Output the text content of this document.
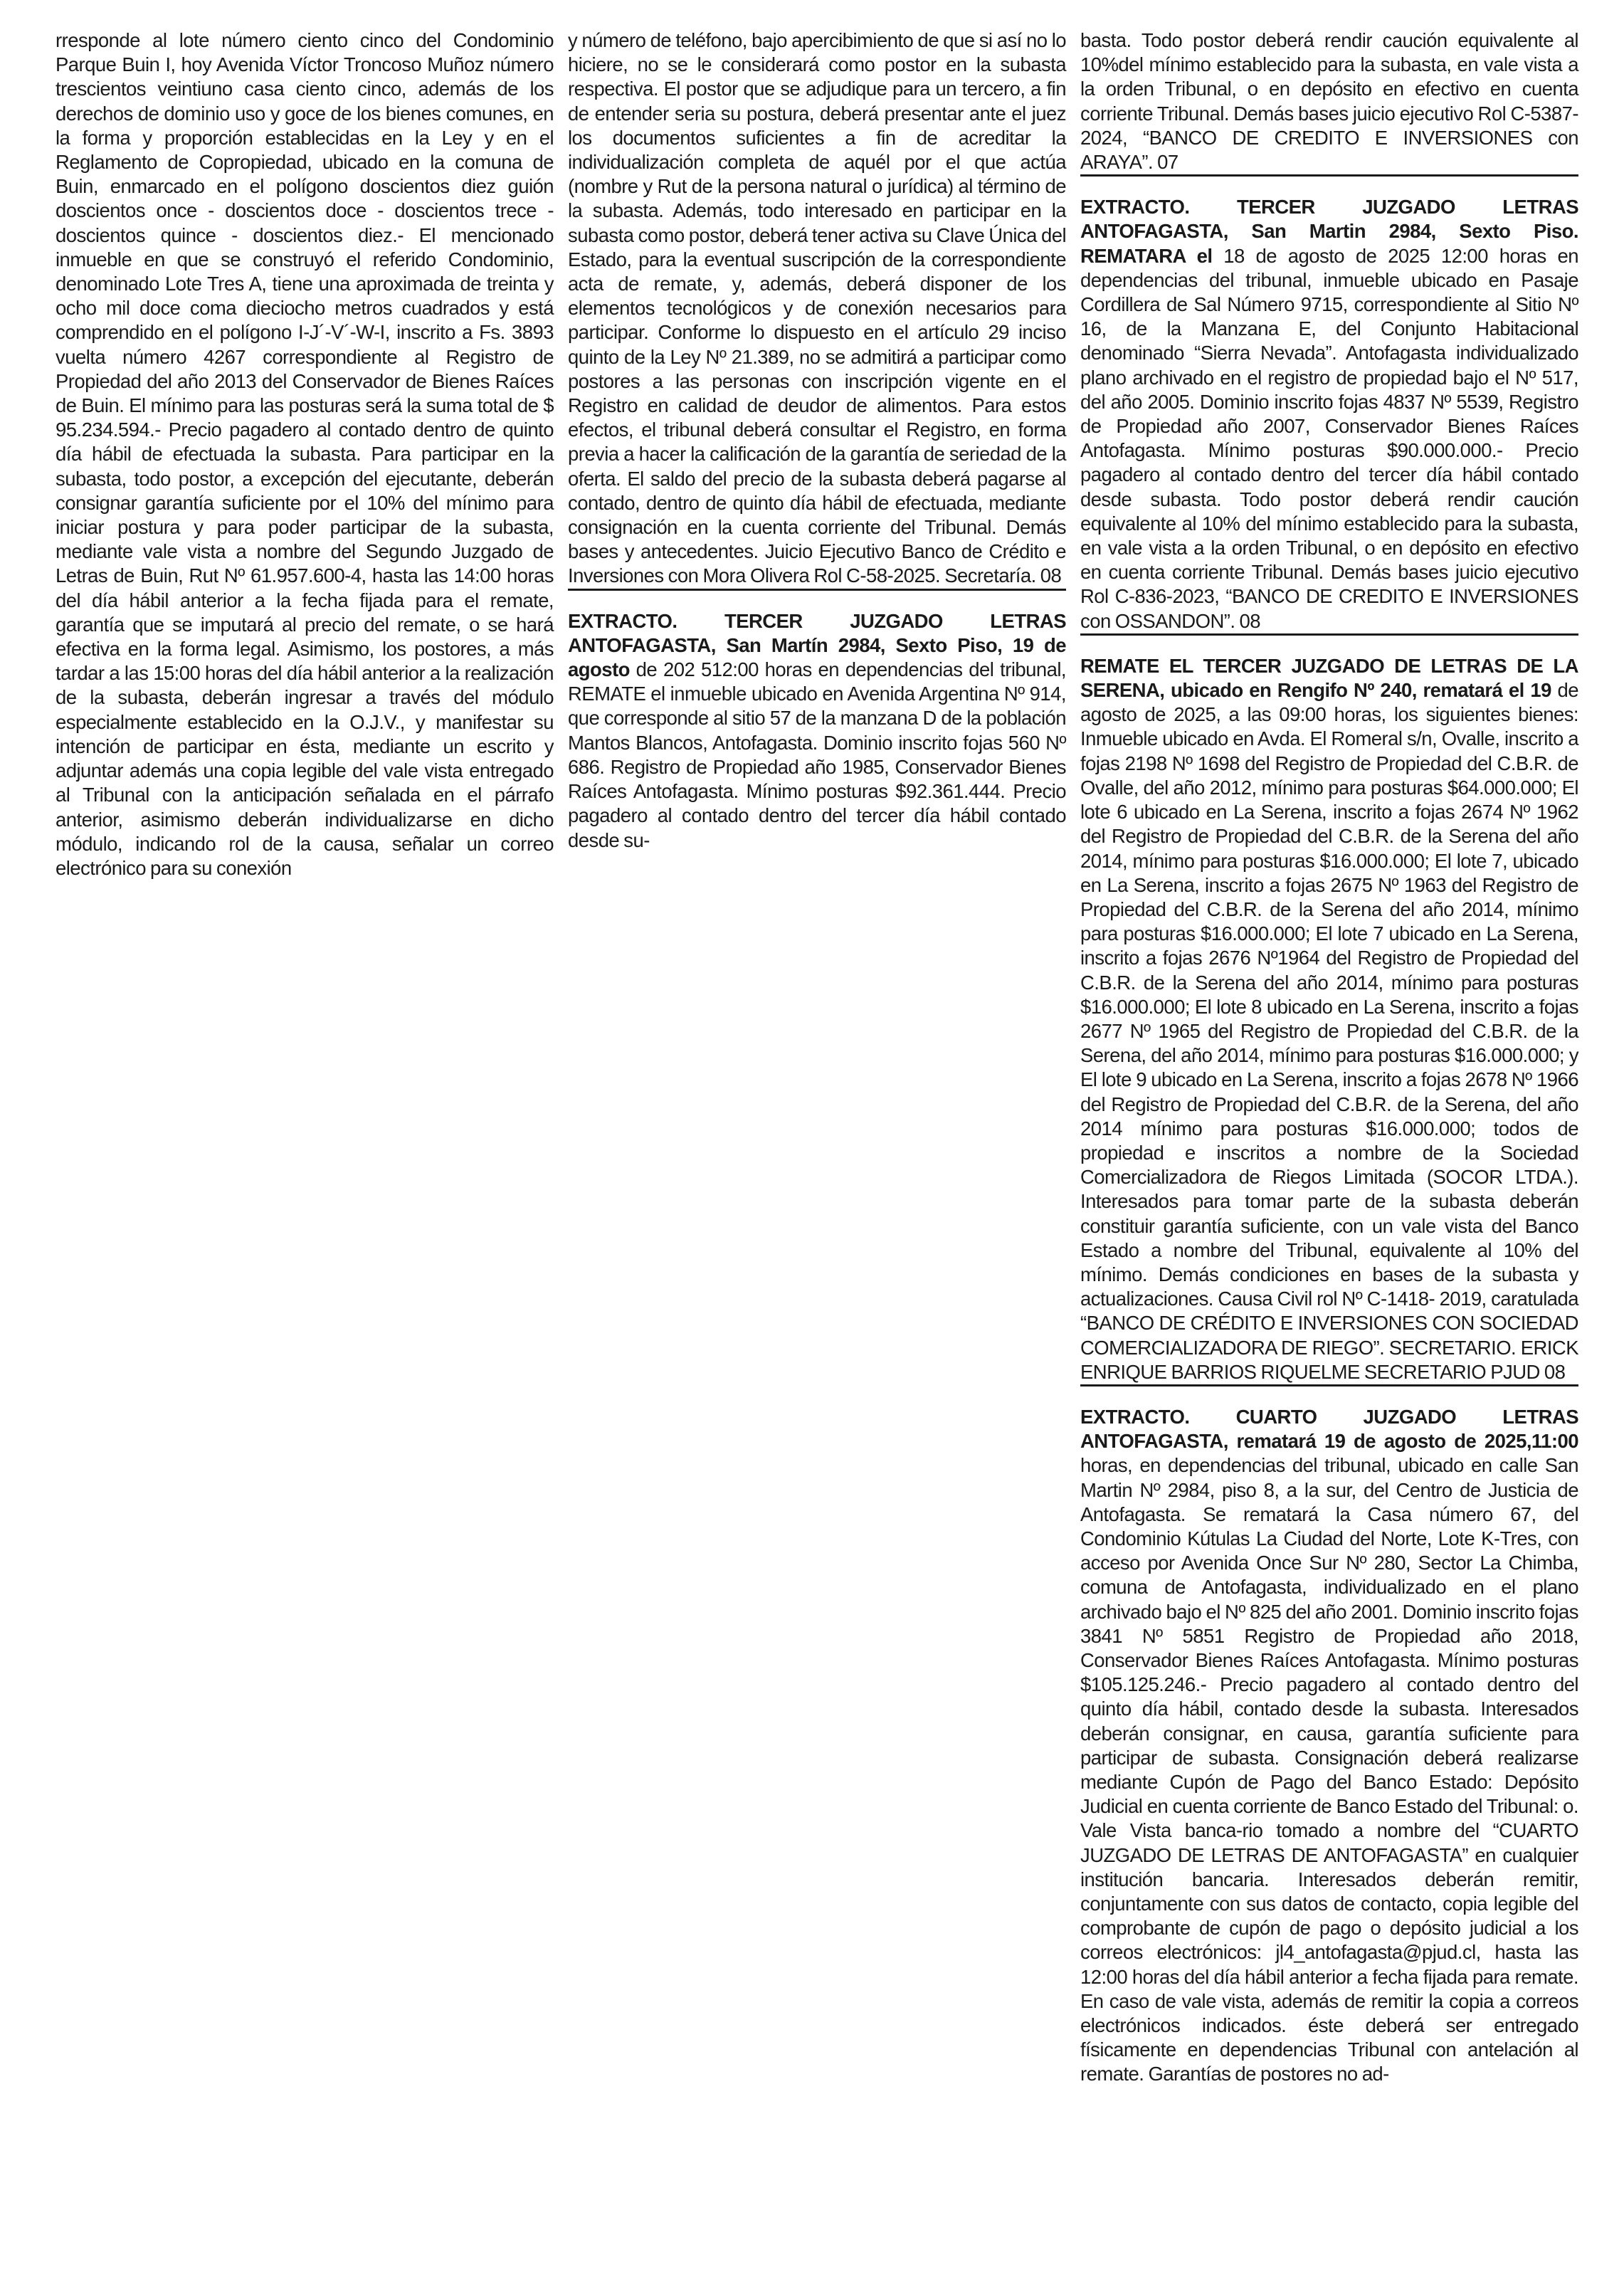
rresponde al lote número ciento cinco del Condominio Parque Buin I, hoy Avenida Víctor Troncoso Muñoz número trescientos veintiuno casa ciento cinco, además de los derechos de dominio uso y goce de los bienes comunes, en la forma y proporción establecidas en la Ley y en el Reglamento de Copropiedad, ubicado en la comuna de Buin, enmarcado en el polígono doscientos diez guión doscientos once - doscientos doce - doscientos trece - doscientos quince - doscientos diez.- El mencionado inmueble en que se construyó el referido Condominio, denominado Lote Tres A, tiene una aproximada de treinta y ocho mil doce coma dieciocho metros cuadrados y está comprendido en el polígono I-J´-V´-W-I, inscrito a Fs. 3893 vuelta número 4267 correspondiente al Registro de Propiedad del año 2013 del Conservador de Bienes Raíces de Buin. El mínimo para las posturas será la suma total de $ 95.234.594.- Precio pagadero al contado dentro de quinto día hábil de efectuada la subasta. Para participar en la subasta, todo postor, a excepción del ejecutante, deberán consignar garantía suficiente por el 10% del mínimo para iniciar postura y para poder participar de la subasta, mediante vale vista a nombre del Segundo Juzgado de Letras de Buin, Rut Nº 61.957.600-4, hasta las 14:00 horas del día hábil anterior a la fecha fijada para el remate, garantía que se imputará al precio del remate, o se hará efectiva en la forma legal. Asimismo, los postores, a más tardar a las 15:00 horas del día hábil anterior a la realización de la subasta, deberán ingresar a través del módulo especialmente establecido en la O.J.V., y manifestar su intención de participar en ésta, mediante un escrito y adjuntar además una copia legible del vale vista entregado al Tribunal con la anticipación señalada en el párrafo anterior, asimismo deberán individualizarse en dicho módulo, indicando rol de la causa, señalar un correo electrónico para su conexión

y número de teléfono, bajo apercibimiento de que si así no lo hiciere, no se le considerará como postor en la subasta respectiva. El postor que se adjudique para un tercero, a fin de entender seria su postura, deberá presentar ante el juez los documentos suficientes a fin de acreditar la individualización completa de aquél por el que actúa (nombre y Rut de la persona natural o jurídica) al término de la subasta. Además, todo interesado en participar en la subasta como postor, deberá tener activa su Clave Única del Estado, para la eventual suscripción de la correspondiente acta de remate, y, además, deberá disponer de los elementos tecnológicos y de conexión necesarios para participar. Conforme lo dispuesto en el artículo 29 inciso quinto de la Ley Nº 21.389, no se admitirá a participar como postores a las personas con inscripción vigente en el Registro en calidad de deudor de alimentos. Para estos efectos, el tribunal deberá consultar el Registro, en forma previa a hacer la calificación de la garantía de seriedad de la oferta. El saldo del precio de la subasta deberá pagarse al contado, dentro de quinto día hábil de efectuada, mediante consignación en la cuenta corriente del Tribunal. Demás bases y antecedentes. Juicio Ejecutivo Banco de Crédito e Inversiones con Mora Olivera Rol C-58-2025. Secretaría. 08

EXTRACTO. TERCER JUZGADO LETRAS ANTOFAGASTA, San Martín 2984, Sexto Piso, 19 de agosto de 202 512:00 horas en dependencias del tribunal, REMATE el inmueble ubicado en Avenida Argentina Nº 914, que corresponde al sitio 57 de la manzana D de la población Mantos Blancos, Antofagasta. Dominio inscrito fojas 560 Nº 686. Registro de Propiedad año 1985, Conservador Bienes Raíces Antofagasta. Mínimo posturas $92.361.444. Precio pagadero al contado dentro del tercer día hábil contado desde su-

basta. Todo postor deberá rendir caución equivalente al 10%del mínimo establecido para la subasta, en vale vista a la orden Tribunal, o en depósito en efectivo en cuenta corriente Tribunal. Demás bases juicio ejecutivo Rol C-5387-2024, “BANCO DE CREDITO E INVERSIONES con ARAYA”. 07

EXTRACTO. TERCER JUZGADO LETRAS ANTOFAGASTA, San Martin 2984, Sexto Piso. REMATARA el 18 de agosto de 2025 12:00 horas en dependencias del tribunal, inmueble ubicado en Pasaje Cordillera de Sal Número 9715, correspondiente al Sitio Nº 16, de la Manzana E, del Conjunto Habitacional denominado “Sierra Nevada”. Antofagasta individualizado plano archivado en el registro de propiedad bajo el Nº 517, del año 2005. Dominio inscrito fojas 4837 Nº 5539, Registro de Propiedad año 2007, Conservador Bienes Raíces Antofagasta. Mínimo posturas $90.000.000.- Precio pagadero al contado dentro del tercer día hábil contado desde subasta. Todo postor deberá rendir caución equivalente al 10% del mínimo establecido para la subasta, en vale vista a la orden Tribunal, o en depósito en efectivo en cuenta corriente Tribunal. Demás bases juicio ejecutivo Rol C-836-2023, “BANCO DE CREDITO E INVERSIONES con OSSANDON”. 08

REMATE EL TERCER JUZGADO DE LETRAS DE LA SERENA, ubicado en Rengifo Nº 240, rematará el 19 de agosto de 2025, a las 09:00 horas, los siguientes bienes: Inmueble ubicado en Avda. El Romeral s/n, Ovalle, inscrito a fojas 2198 Nº 1698 del Registro de Propiedad del C.B.R. de Ovalle, del año 2012, mínimo para posturas $64.000.000; El lote 6 ubicado en La Serena, inscrito a fojas 2674 Nº 1962 del Registro de Propiedad del C.B.R. de la Serena del año 2014, mínimo para posturas $16.000.000; El lote 7, ubicado en La Serena, inscrito a fojas 2675 Nº 1963 del Registro de Propiedad del C.B.R. de la Serena del año 2014, mínimo para posturas $16.000.000; El lote 7 ubicado en La Serena, inscrito a fojas 2676 Nº1964 del Registro de Propiedad del C.B.R. de la Serena del año 2014, mínimo para posturas $16.000.000; El lote 8 ubicado en La Serena, inscrito a fojas 2677 Nº 1965 del Registro de Propiedad del C.B.R. de la Serena, del año 2014, mínimo para posturas $16.000.000; y El lote 9 ubicado en La Serena, inscrito a fojas 2678 Nº 1966 del Registro de Propiedad del C.B.R. de la Serena, del año 2014 mínimo para posturas $16.000.000; todos de propiedad e inscritos a nombre de la Sociedad Comercializadora de Riegos Limitada (SOCOR LTDA.). Interesados para tomar parte de la subasta deberán constituir garantía suficiente, con un vale vista del Banco Estado a nombre del Tribunal, equivalente al 10% del mínimo. Demás condiciones en bases de la subasta y actualizaciones. Causa Civil rol Nº C-1418- 2019, caratulada “BANCO DE CRÉDITO E INVERSIONES CON SOCIEDAD COMERCIALIZADORA DE RIEGO”. SECRETARIO. ERICK ENRIQUE BARRIOS RIQUELME SECRETARIO PJUD 08

EXTRACTO. CUARTO JUZGADO LETRAS ANTOFAGASTA, rematará 19 de agosto de 2025,11:00 horas, en dependencias del tribunal, ubicado en calle San Martin Nº 2984, piso 8, a la sur, del Centro de Justicia de Antofagasta. Se rematará la Casa número 67, del Condominio Kútulas La Ciudad del Norte, Lote K-Tres, con acceso por Avenida Once Sur Nº 280, Sector La Chimba, comuna de Antofagasta, individualizado en el plano archivado bajo el Nº 825 del año 2001. Dominio inscrito fojas 3841 Nº 5851 Registro de Propiedad año 2018, Conservador Bienes Raíces Antofagasta. Mínimo posturas $105.125.246.- Precio pagadero al contado dentro del quinto día hábil, contado desde la subasta. Interesados deberán consignar, en causa, garantía suficiente para participar de subasta. Consignación deberá realizarse mediante Cupón de Pago del Banco Estado: Depósito Judicial en cuenta corriente de Banco Estado del Tribunal: o. Vale Vista banca-rio tomado a nombre del “CUARTO JUZGADO DE LETRAS DE ANTOFAGASTA” en cualquier institución bancaria. Interesados deberán remitir, conjuntamente con sus datos de contacto, copia legible del comprobante de cupón de pago o depósito judicial a los correos electrónicos: jl4_antofagasta@pjud.cl, hasta las 12:00 horas del día hábil anterior a fecha fijada para remate. En caso de vale vista, además de remitir la copia a correos electrónicos indicados. éste deberá ser entregado físicamente en dependencias Tribunal con antelación al remate. Garantías de postores no ad-
